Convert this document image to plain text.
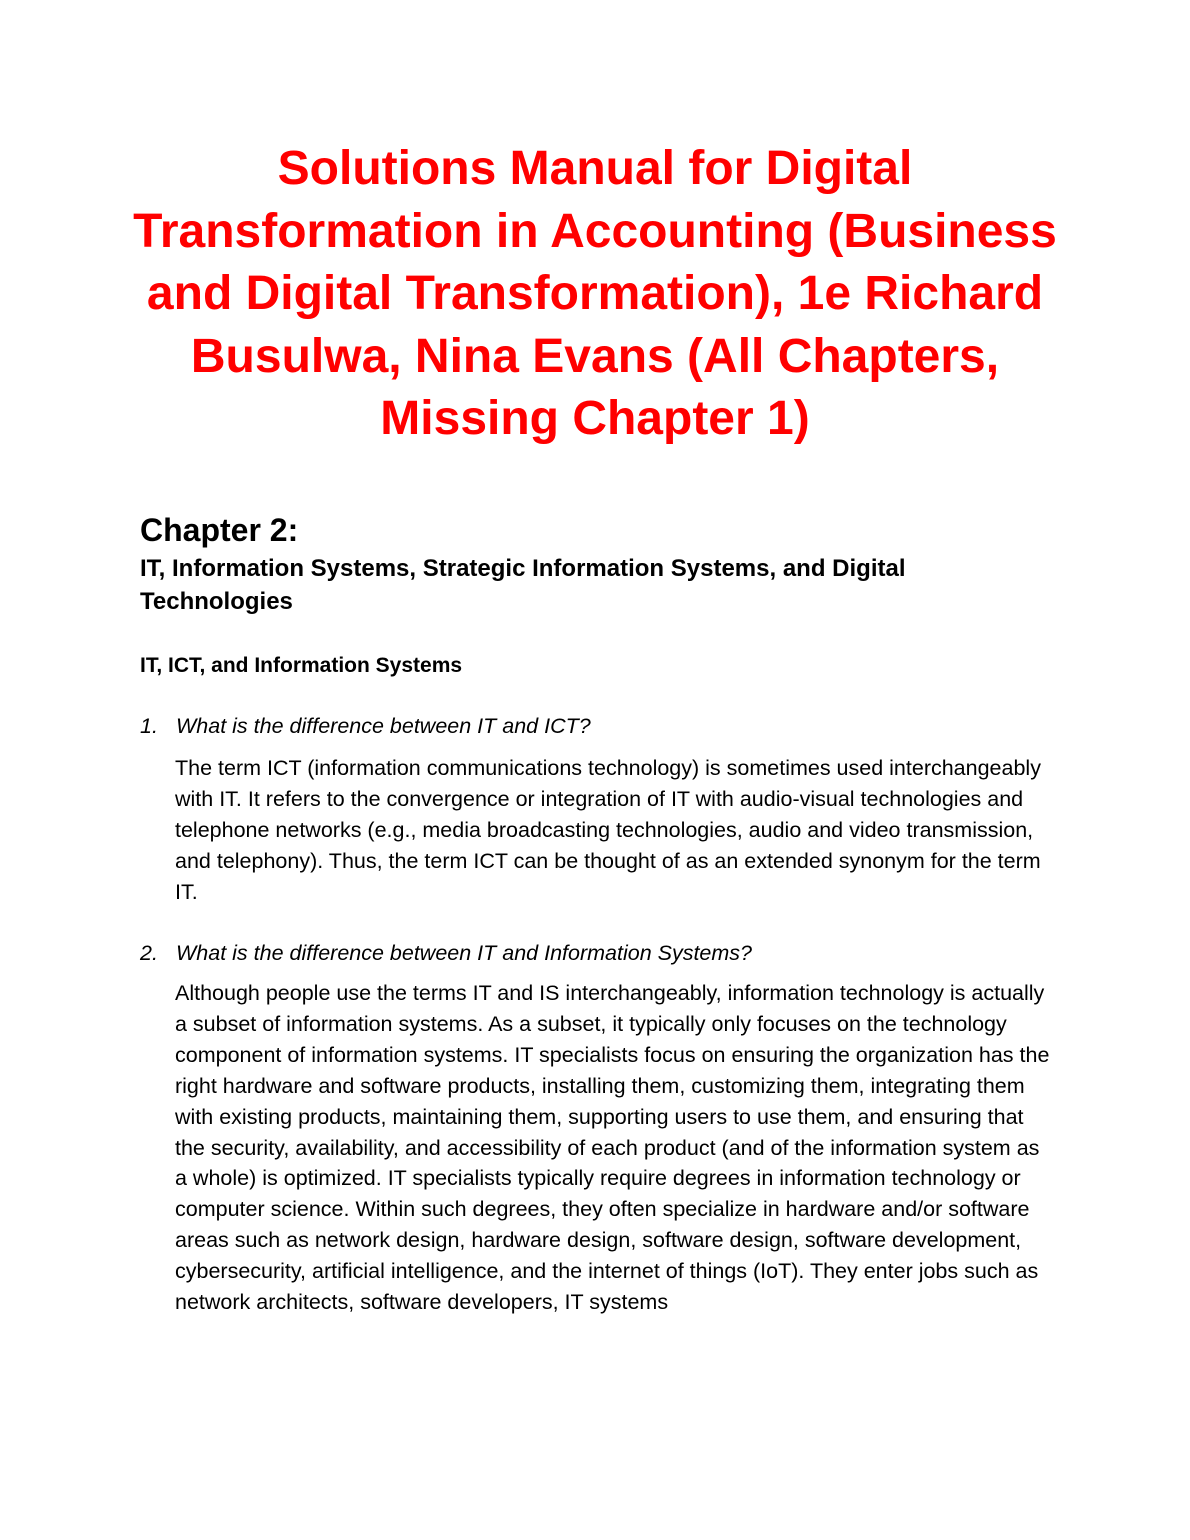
Solutions Manual for Digital Transformation in Accounting (Business and Digital Transformation), 1e Richard Busulwa, Nina Evans (All Chapters, Missing Chapter 1)
Chapter 2:
IT, Information Systems, Strategic Information Systems, and Digital Technologies
IT, ICT, and Information Systems

1. What is the difference between IT and ICT?

The term ICT (information communications technology) is sometimes used interchangeably with IT. It refers to the convergence or integration of IT with audio-visual technologies and telephone networks (e.g., media broadcasting technologies, audio and video transmission, and telephony). Thus, the term ICT can be thought of as an extended synonym for the term IT.

2. What is the difference between IT and Information Systems?

Although people use the terms IT and IS interchangeably, information technology is actually a subset of information systems. As a subset, it typically only focuses on the technology component of information systems. IT specialists focus on ensuring the organization has the right hardware and software products, installing them, customizing them, integrating them with existing products, maintaining them, supporting users to use them, and ensuring that the security, availability, and accessibility of each product (and of the information system as a whole) is optimized. IT specialists typically require degrees in information technology or computer science. Within such degrees, they often specialize in hardware and/or software areas such as network design, hardware design, software design, software development, cybersecurity, artificial intelligence, and the internet of things (IoT). They enter jobs such as network architects, software developers, IT systems
